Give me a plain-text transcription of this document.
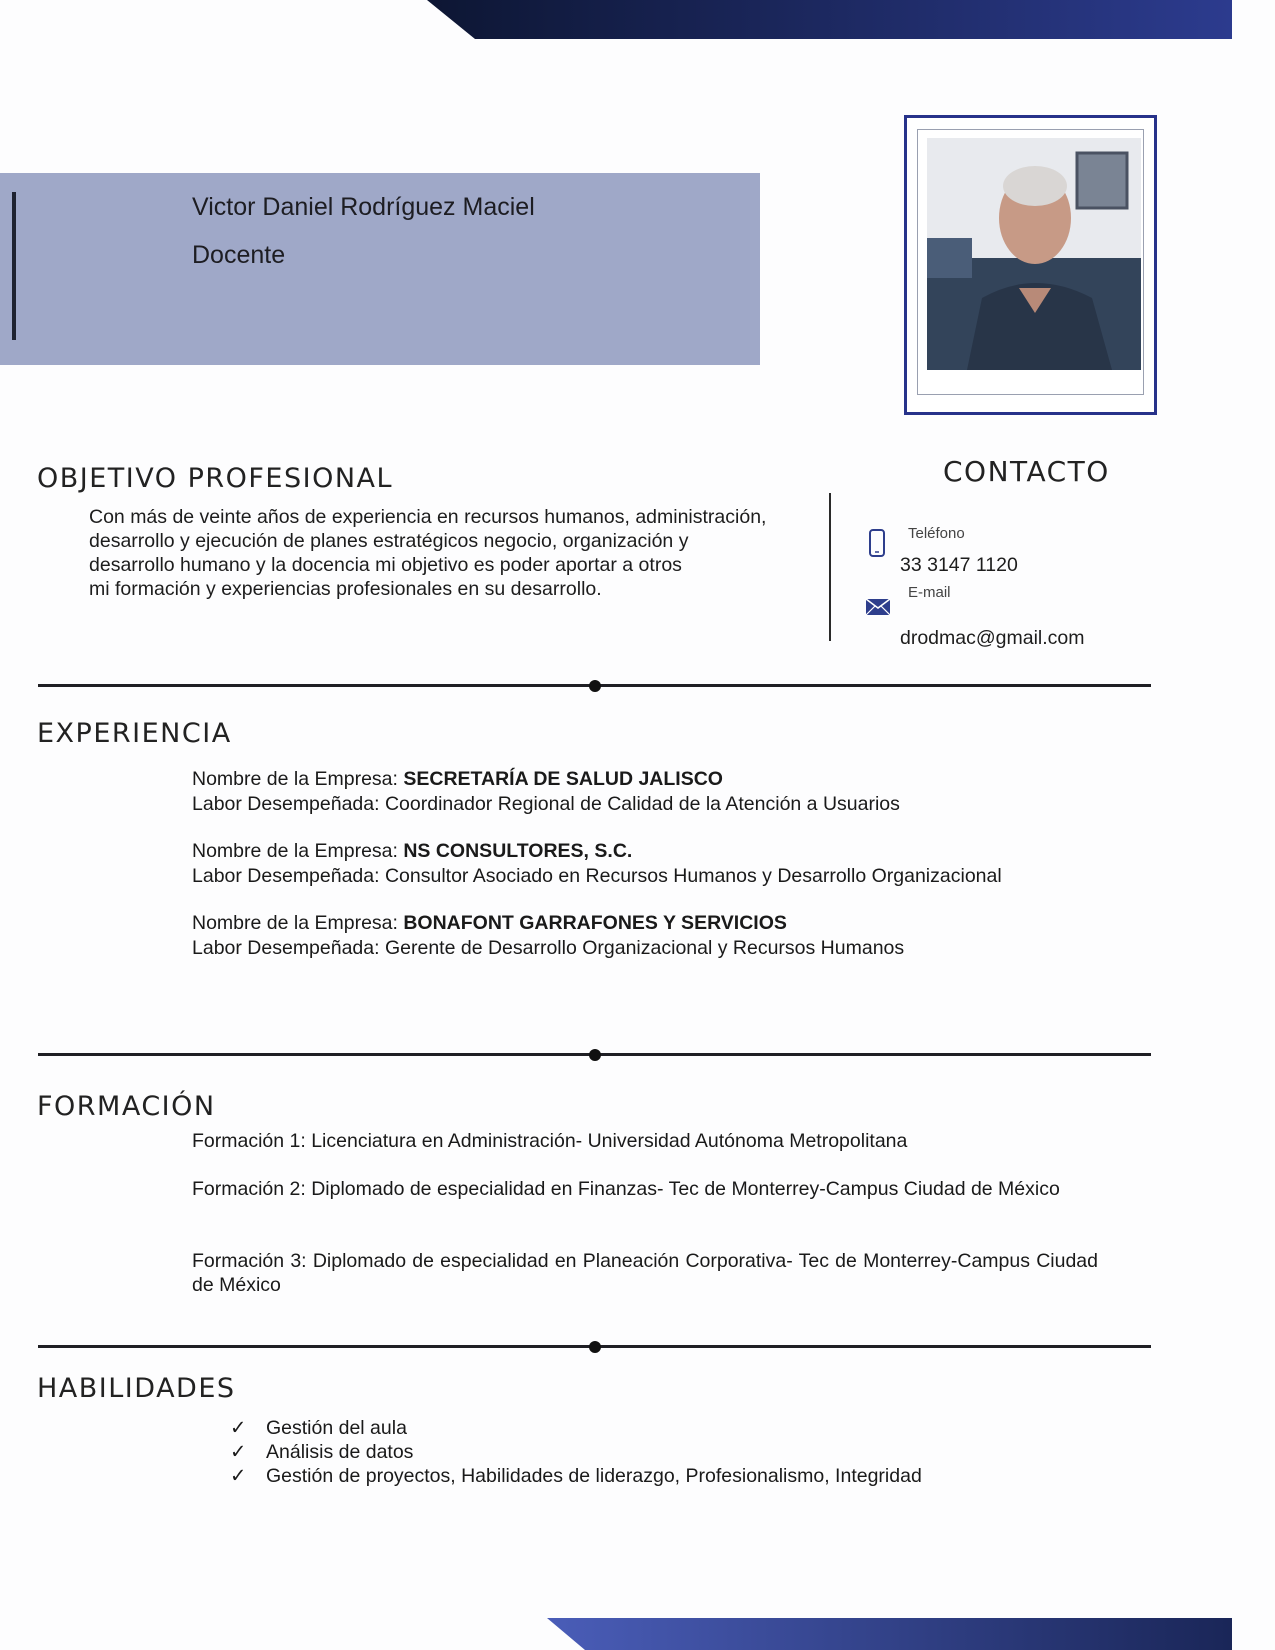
Victor Daniel Rodríguez Maciel
Docente
OBJETIVO PROFESIONAL
Con más de veinte años de experiencia en recursos humanos, administración,
desarrollo y ejecución de planes estratégicos negocio, organización y
desarrollo humano y la docencia mi objetivo es poder aportar a otros
mi formación y experiencias profesionales en su desarrollo.
CONTACTO
Teléfono
33 3147 1120
E-mail
drodmac@gmail.com
EXPERIENCIA
Nombre de la Empresa: SECRETARÍA DE SALUD JALISCO
Labor Desempeñada: Coordinador Regional de Calidad de la Atención a Usuarios
Nombre de la Empresa: NS CONSULTORES, S.C.
Labor Desempeñada: Consultor Asociado en Recursos Humanos y Desarrollo Organizacional
Nombre de la Empresa: BONAFONT GARRAFONES Y SERVICIOS
Labor Desempeñada: Gerente de Desarrollo Organizacional y Recursos Humanos
FORMACIÓN
Formación 1: Licenciatura en Administración- Universidad Autónoma Metropolitana
Formación 2: Diplomado de especialidad en Finanzas- Tec de Monterrey-Campus Ciudad de México
Formación 3: Diplomado de especialidad en Planeación Corporativa- Tec de Monterrey-Campus Ciudad de México
HABILIDADES
✓ Gestión del aula
✓ Análisis de datos
✓ Gestión de proyectos, Habilidades de liderazgo, Profesionalismo, Integridad
